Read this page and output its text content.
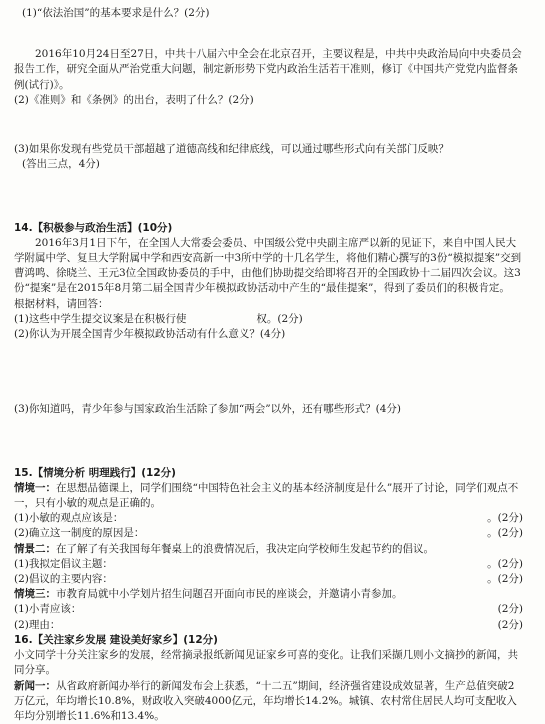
(1)“依法治国”的基本要求是什么？(2分)

2016年10月24日至27日，中共十八届六中全会在北京召开，主要议程是，中共中央政治局向中央委员会报告工作，研究全面从严治党重大问题，制定新形势下党内政治生活若干准则，修订《中国共产党党内监督条例(试行)》。

(2)《准则》和《条例》的出台，表明了什么？(2分)
(3)如果你发现有些党员干部超越了道德高线和纪律底线，可以通过哪些形式向有关部门反映？
(答出三点，4分)
14.【积极参与政治生活】(10分)

2016年3月1日下午，在全国人大常委会委员、中国级公党中央副主席严以新的见证下，来自中国人民大学附属中学、复旦大学附属中学和西安高新一中3所中学的十几名学生，将他们精心撰写的3份“模拟提案”交到曹鸿鸣、徐晓兰、王元3位全国政协委员的手中，由他们协助提交给即将召开的全国政协十二届四次会议。这3份“提案”是在2015年8月第二届全国青少年模拟政协活动中产生的“最佳提案”，得到了委员们的积极肯定。

根据材料，请回答：
(1)这些中学生提交议案是在积极行使	权。(2分)
(2)你认为开展全国青少年模拟政协活动有什么意义？(4分)
(3)你知道吗，青少年参与国家政治生活除了参加“两会”以外，还有哪些形式？(4分)
15.【情境分析 明理践行】(12分)

情境一：在思想品德课上，同学们围绕“中国特色社会主义的基本经济制度是什么”展开了讨论，同学们观点不一，只有小敏的观点是正确的。

(1)小敏的观点应该是：	。(2分)
(2)确立这一制度的原因是：	。(2分)
情景二：在了解了有关我国每年餐桌上的浪费情况后，我决定向学校师生发起节约的倡议。
(1)我拟定倡议主题：	。(2分)
(2)倡议的主要内容：	。(2分)
情境三：市教育局就中小学划片招生问题召开面向市民的座谈会，并邀请小青参加。
(1)小青应该：	(2分)
(2)理由：	(2分)
16.【关注家乡发展 建设美好家乡】(12分)

小文同学十分关注家乡的发展，经常摘录报纸新闻见证家乡可喜的变化。让我们采撷几则小文摘抄的新闻，共同分享。

新闻一：从省政府新闻办举行的新闻发布会上获悉，“十二五”期间，经济强省建设成效显著，生产总值突破2万亿元，年均增长10.8%，财政收入突破4000亿元，年均增长14.2%。城镇、农村常住居民人均可支配收入年均分别增长11.6%和13.4%。
